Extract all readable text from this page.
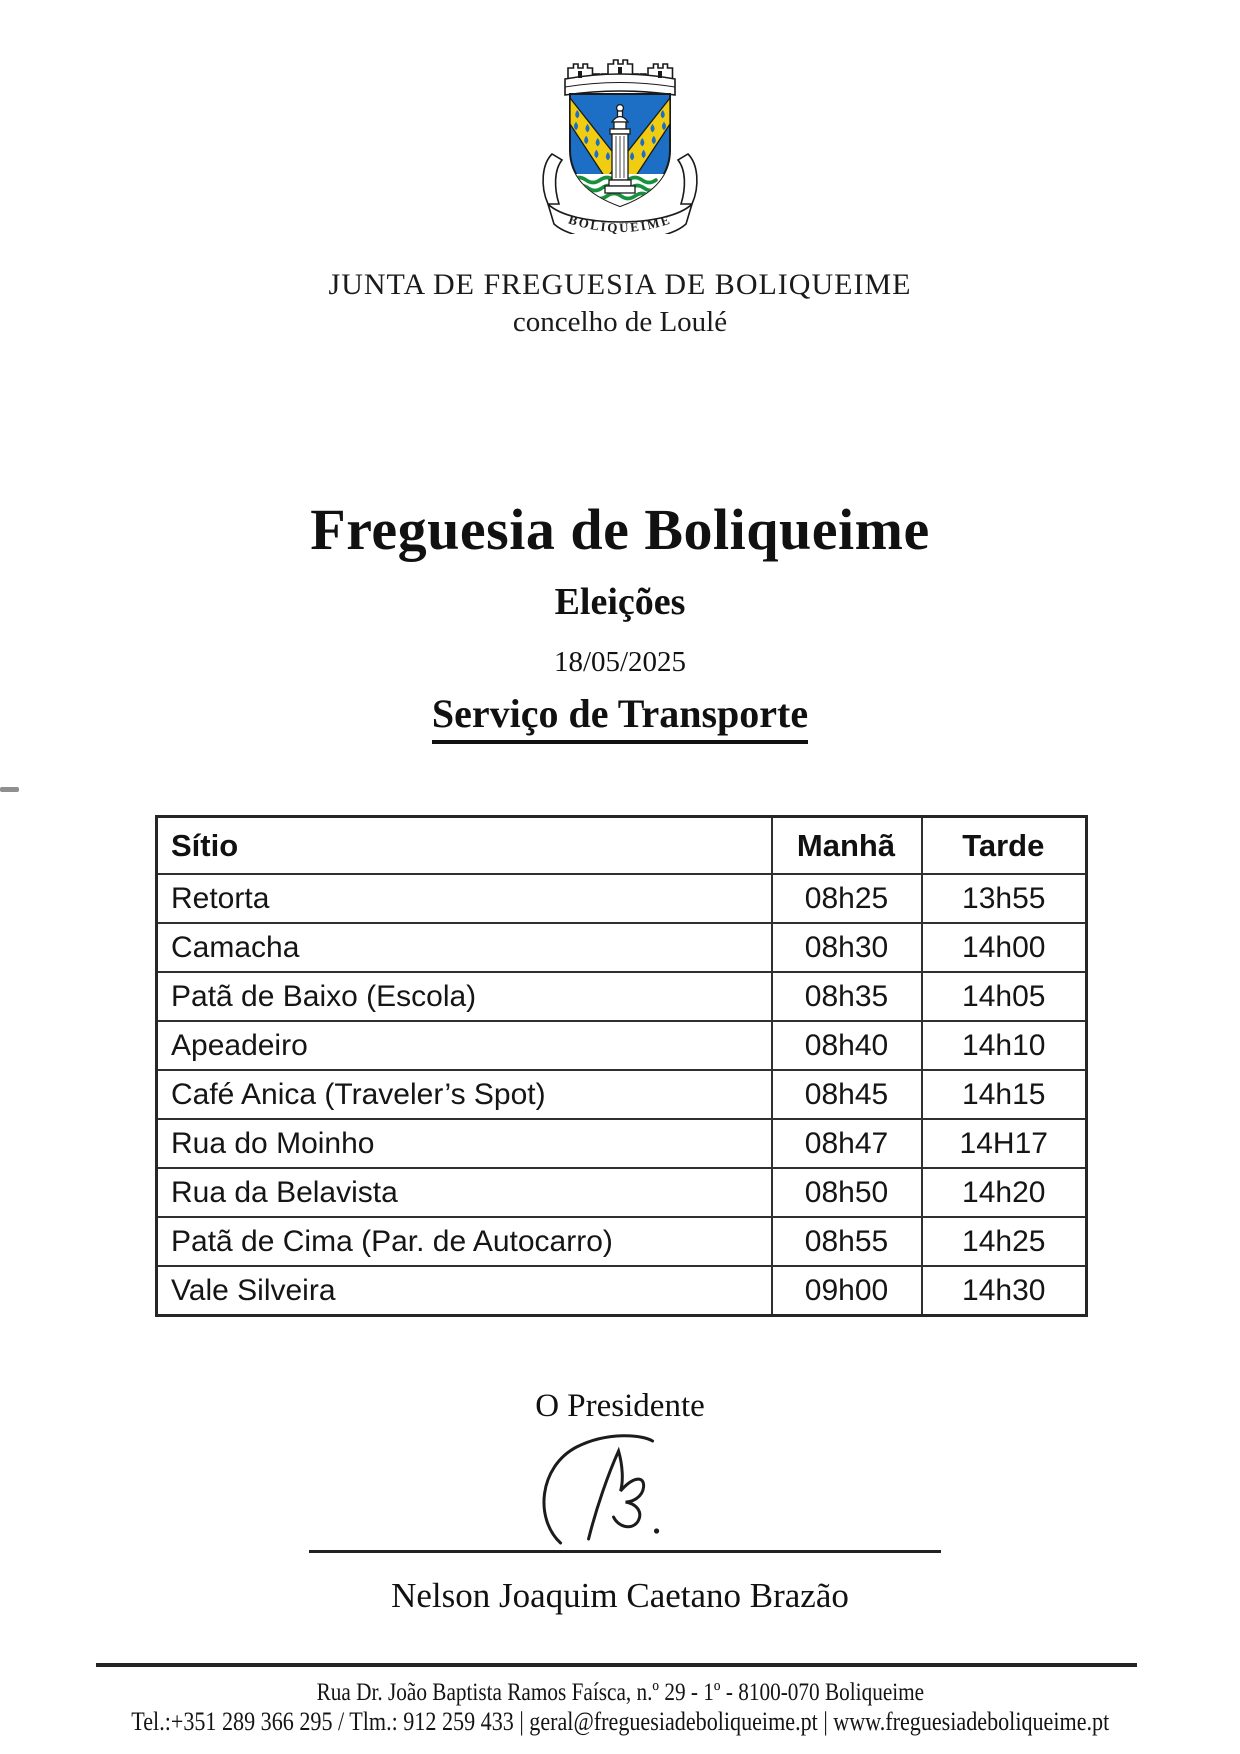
BOLIQUEIME
JUNTA DE FREGUESIA DE BOLIQUEIME
concelho de Loulé
Freguesia de Boliqueime
Eleições
18/05/2025
Serviço de Transporte
Sítio	Manhã	Tarde
Retorta	08h25	13h55
Camacha	08h30	14h00
Patã de Baixo (Escola)	08h35	14h05
Apeadeiro	08h40	14h10
Café Anica (Traveler’s Spot)	08h45	14h15
Rua do Moinho	08h47	14H17
Rua da Belavista	08h50	14h20
Patã de Cima (Par. de Autocarro)	08h55	14h25
Vale Silveira	09h00	14h30
O Presidente
Nelson Joaquim Caetano Brazão
Rua Dr. João Baptista Ramos Faísca, n.º 29 - 1º - 8100-070 Boliqueime
Tel.:+351 289 366 295 / Tlm.: 912 259 433 | geral@freguesiadeboliqueime.pt | www.freguesiadeboliqueime.pt
